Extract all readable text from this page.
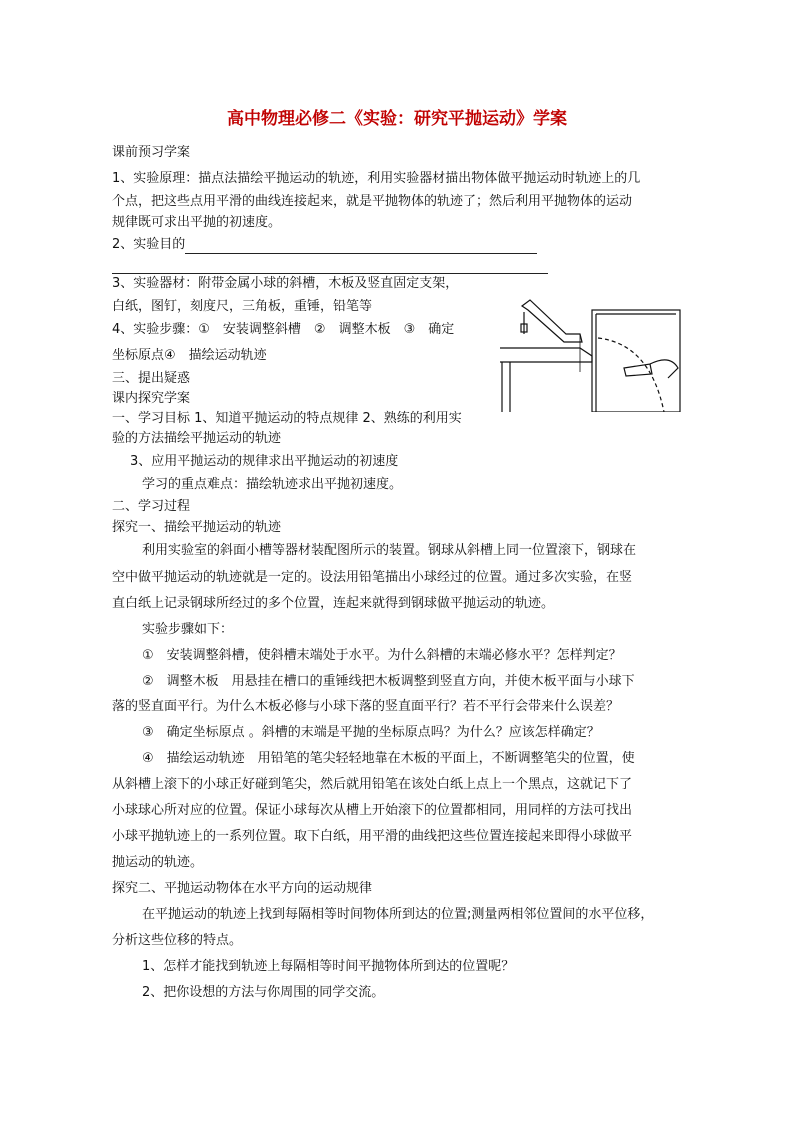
高中物理必修二《实验：研究平抛运动》学案
课前预习学案
1、实验原理：描点法描绘平抛运动的轨迹，利用实验器材描出物体做平抛运动时轨迹上的几
个点，把这些点用平滑的曲线连接起来，就是平抛物体的轨迹了；然后利用平抛物体的运动
规律既可求出平抛的初速度。
2、实验目的
3、实验器材：附带金属小球的斜槽，木板及竖直固定支架，
白纸，图钉，刻度尺，三角板，重锤，铅笔等
4、实验步骤：①　安装调整斜槽　②　调整木板　③　确定
坐标原点④　描绘运动轨迹
三、提出疑惑
课内探究学案
一、学习目标 1、知道平抛运动的特点规律 2、熟练的利用实
验的方法描绘平抛运动的轨迹
3、应用平抛运动的规律求出平抛运动的初速度
学习的重点难点：描绘轨迹求出平抛初速度。
二、学习过程
探究一、描绘平抛运动的轨迹
利用实验室的斜面小槽等器材装配图所示的装置。钢球从斜槽上同一位置滚下，钢球在
空中做平抛运动的轨迹就是一定的。设法用铅笔描出小球经过的位置。通过多次实验，在竖
直白纸上记录钢球所经过的多个位置，连起来就得到钢球做平抛运动的轨迹。
实验步骤如下：
①　安装调整斜槽，使斜槽末端处于水平。为什么斜槽的末端必修水平？怎样判定？
②　调整木板　用悬挂在槽口的重锤线把木板调整到竖直方向，并使木板平面与小球下
落的竖直面平行。为什么木板必修与小球下落的竖直面平行？若不平行会带来什么误差？
③　确定坐标原点 。斜槽的末端是平抛的坐标原点吗？为什么？应该怎样确定？
④　描绘运动轨迹　用铅笔的笔尖轻轻地靠在木板的平面上，不断调整笔尖的位置，使
从斜槽上滚下的小球正好碰到笔尖，然后就用铅笔在该处白纸上点上一个黑点，这就记下了
小球球心所对应的位置。保证小球每次从槽上开始滚下的位置都相同，用同样的方法可找出
小球平抛轨迹上的一系列位置。取下白纸，用平滑的曲线把这些位置连接起来即得小球做平
抛运动的轨迹。
探究二、平抛运动物体在水平方向的运动规律
在平抛运动的轨迹上找到每隔相等时间物体所到达的位置;测量两相邻位置间的水平位移，
分析这些位移的特点。
1、怎样才能找到轨迹上每隔相等时间平抛物体所到达的位置呢？
2、把你设想的方法与你周围的同学交流。
